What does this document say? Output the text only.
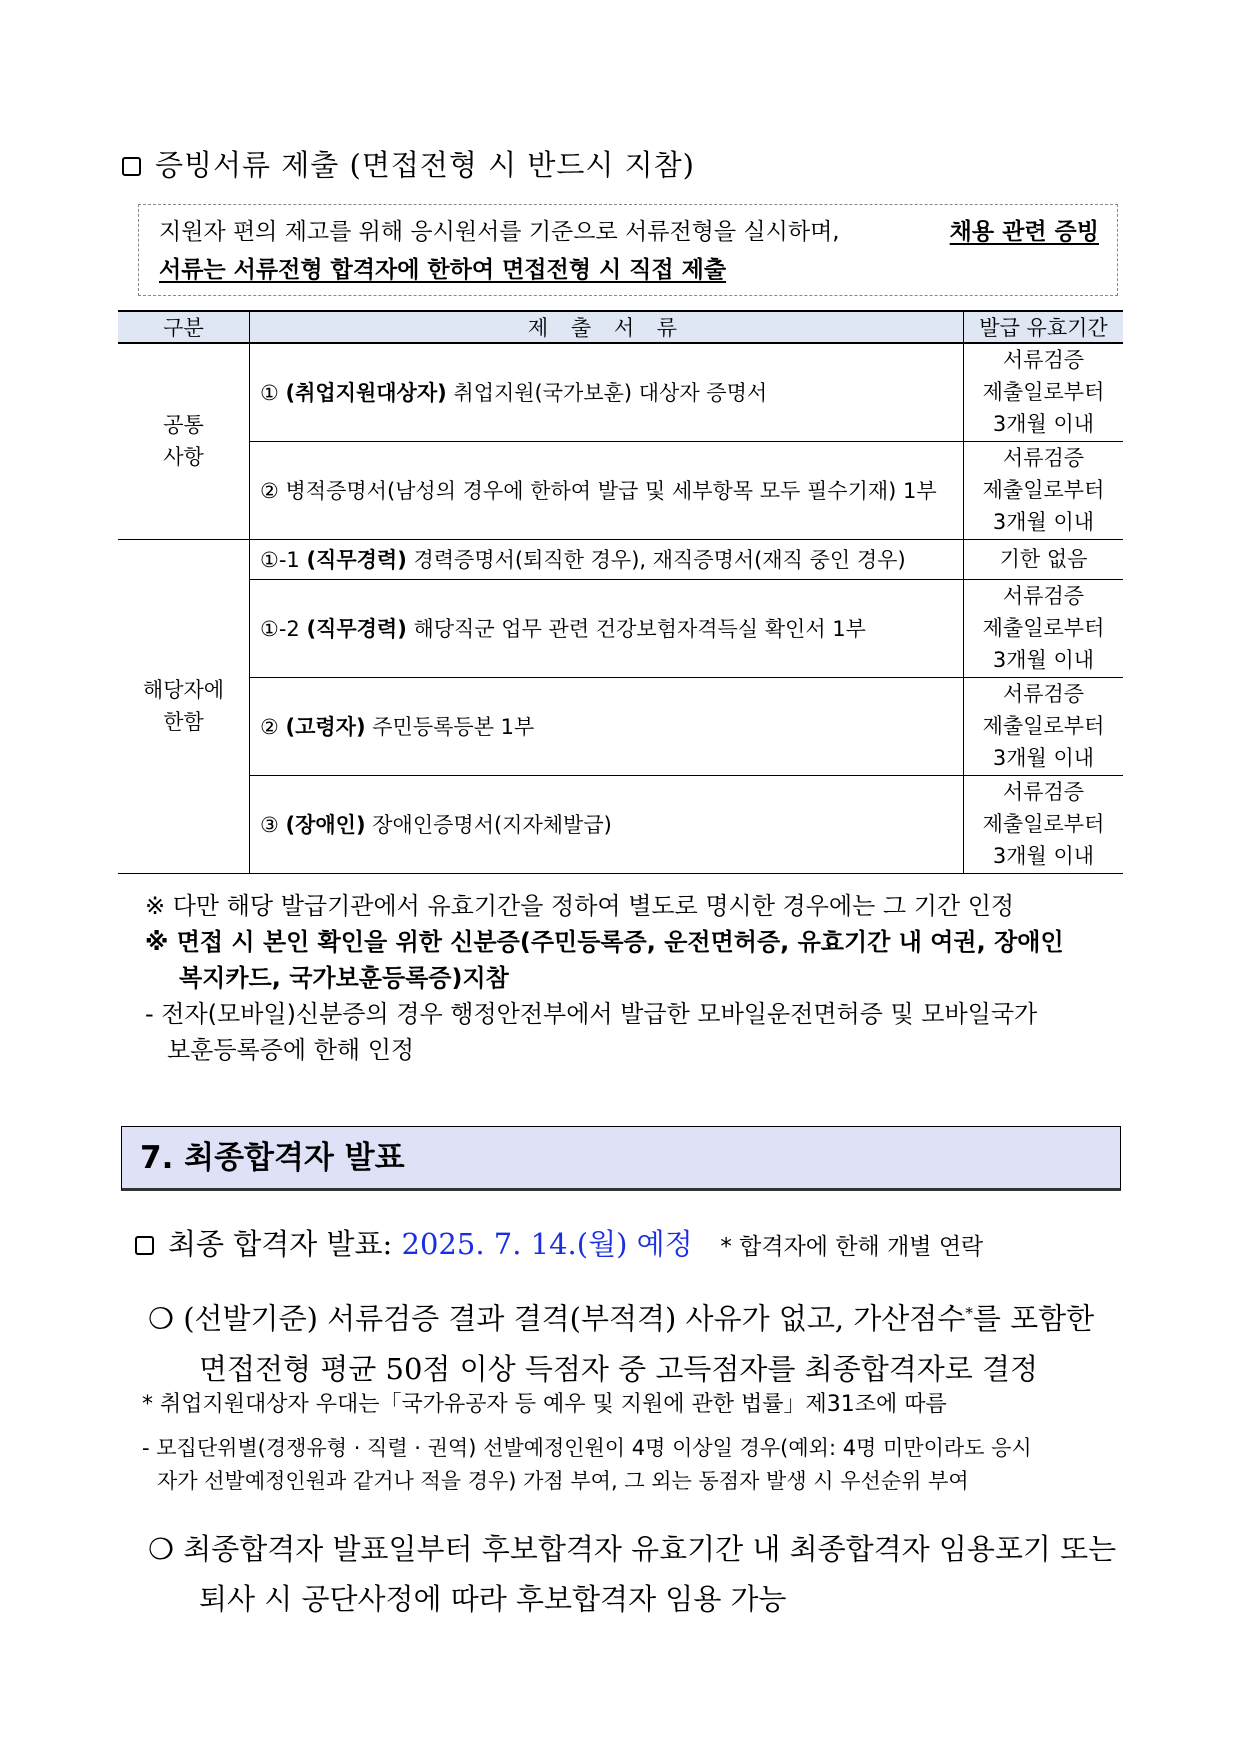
증빙서류 제출 (면접전형 시 반드시 지참)
지원자 편의 제고를 위해 응시원서를 기준으로 서류전형을 실시하며,	채용 관련 증빙
서류는 서류전형 합격자에 한하여 면접전형 시 직접 제출
구분	제 출 서 류	발급 유효기간

공통
사항	① (취업지원대상자) 취업지원(국가보훈) 대상자 증명서	서류검증
제출일로부터
3개월 이내
	② 병적증명서(남성의 경우에 한하여 발급 및 세부항목 모두 필수기재) 1부	서류검증
제출일로부터
3개월 이내

해당자에
한함	①-1 (직무경력) 경력증명서(퇴직한 경우), 재직증명서(재직 중인 경우)	기한 없음
	①-2 (직무경력) 해당직군 업무 관련 건강보험자격득실 확인서 1부	서류검증
제출일로부터
3개월 이내
	② (고령자) 주민등록등본 1부	서류검증
제출일로부터
3개월 이내
	③ (장애인) 장애인증명서(지자체발급)	서류검증
제출일로부터
3개월 이내
※ 다만 해당 발급기관에서 유효기간을 정하여 별도로 명시한 경우에는 그 기간 인정
※ 면접 시 본인 확인을 위한 신분증(주민등록증, 운전면허증, 유효기간 내 여권, 장애인
복지카드, 국가보훈등록증)지참
- 전자(모바일)신분증의 경우 행정안전부에서 발급한 모바일운전면허증 및 모바일국가
보훈등록증에 한해 인정
7. 최종합격자 발표
최종 합격자 발표: 2025. 7. 14.(월) 예정 * 합격자에 한해 개별 연락
❍ (선발기준) 서류검증 결과 결격(부적격) 사유가 없고, 가산점수*를 포함한
면접전형 평균 50점 이상 득점자 중 고득점자를 최종합격자로 결정
* 취업지원대상자 우대는「국가유공자 등 예우 및 지원에 관한 법률」제31조에 따름
- 모집단위별(경쟁유형 · 직렬 · 권역) 선발예정인원이 4명 이상일 경우(예외: 4명 미만이라도 응시
자가 선발예정인원과 같거나 적을 경우) 가점 부여, 그 외는 동점자 발생 시 우선순위 부여
❍ 최종합격자 발표일부터 후보합격자 유효기간 내 최종합격자 임용포기 또는
퇴사 시 공단사정에 따라 후보합격자 임용 가능
